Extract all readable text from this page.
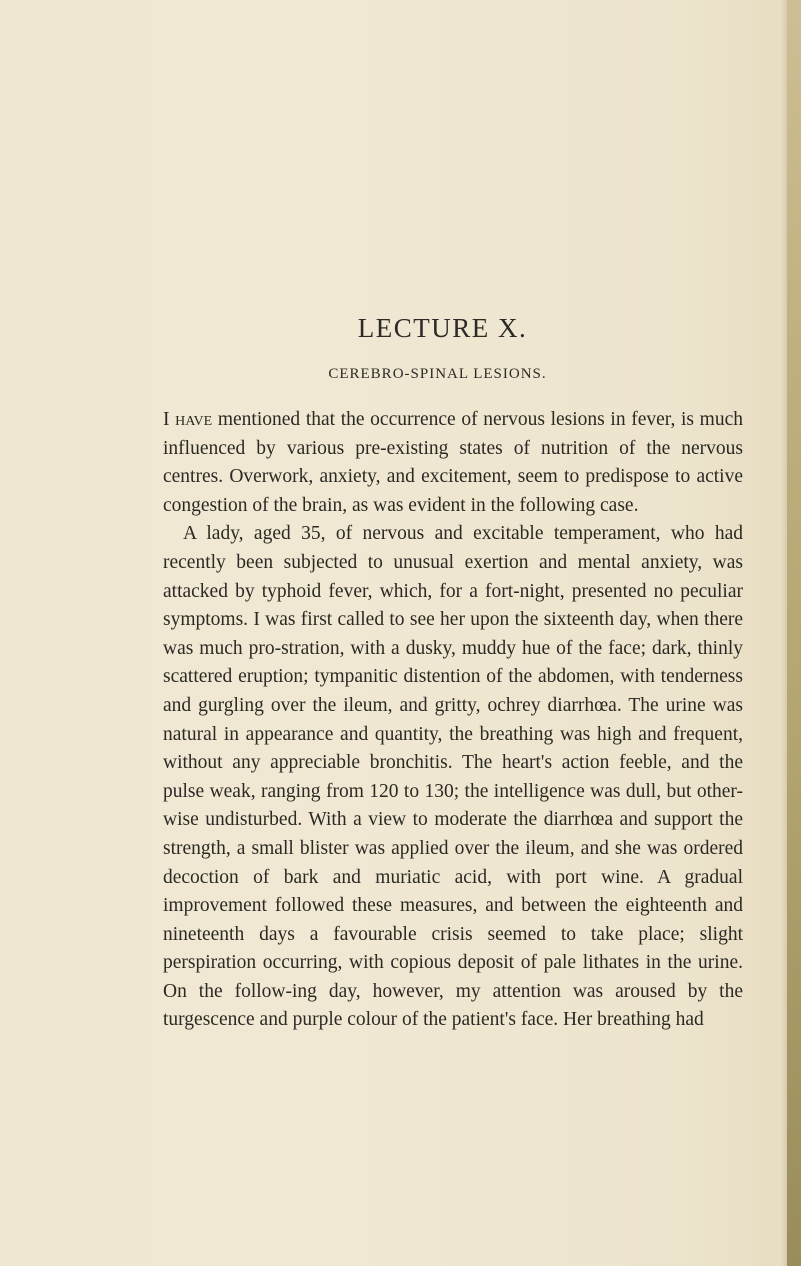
LECTURE X.
CEREBRO-SPINAL LESIONS.

I have mentioned that the occurrence of nervous lesions in fever, is much influenced by various pre-existing states of nutrition of the nervous centres. Overwork, anxiety, and excitement, seem to predispose to active congestion of the brain, as was evident in the following case.

A lady, aged 35, of nervous and excitable temperament, who had recently been subjected to unusual exertion and mental anxiety, was attacked by typhoid fever, which, for a fort-night, presented no peculiar symptoms. I was first called to see her upon the sixteenth day, when there was much pro-stration, with a dusky, muddy hue of the face; dark, thinly scattered eruption; tympanitic distention of the abdomen, with tenderness and gurgling over the ileum, and gritty, ochrey diarrhœa. The urine was natural in appearance and quantity, the breathing was high and frequent, without any appreciable bronchitis. The heart's action feeble, and the pulse weak, ranging from 120 to 130; the intelligence was dull, but other-wise undisturbed. With a view to moderate the diarrhœa and support the strength, a small blister was applied over the ileum, and she was ordered decoction of bark and muriatic acid, with port wine. A gradual improvement followed these measures, and between the eighteenth and nineteenth days a favourable crisis seemed to take place; slight perspiration occurring, with copious deposit of pale lithates in the urine. On the follow-ing day, however, my attention was aroused by the turgescence and purple colour of the patient's face. Her breathing had
